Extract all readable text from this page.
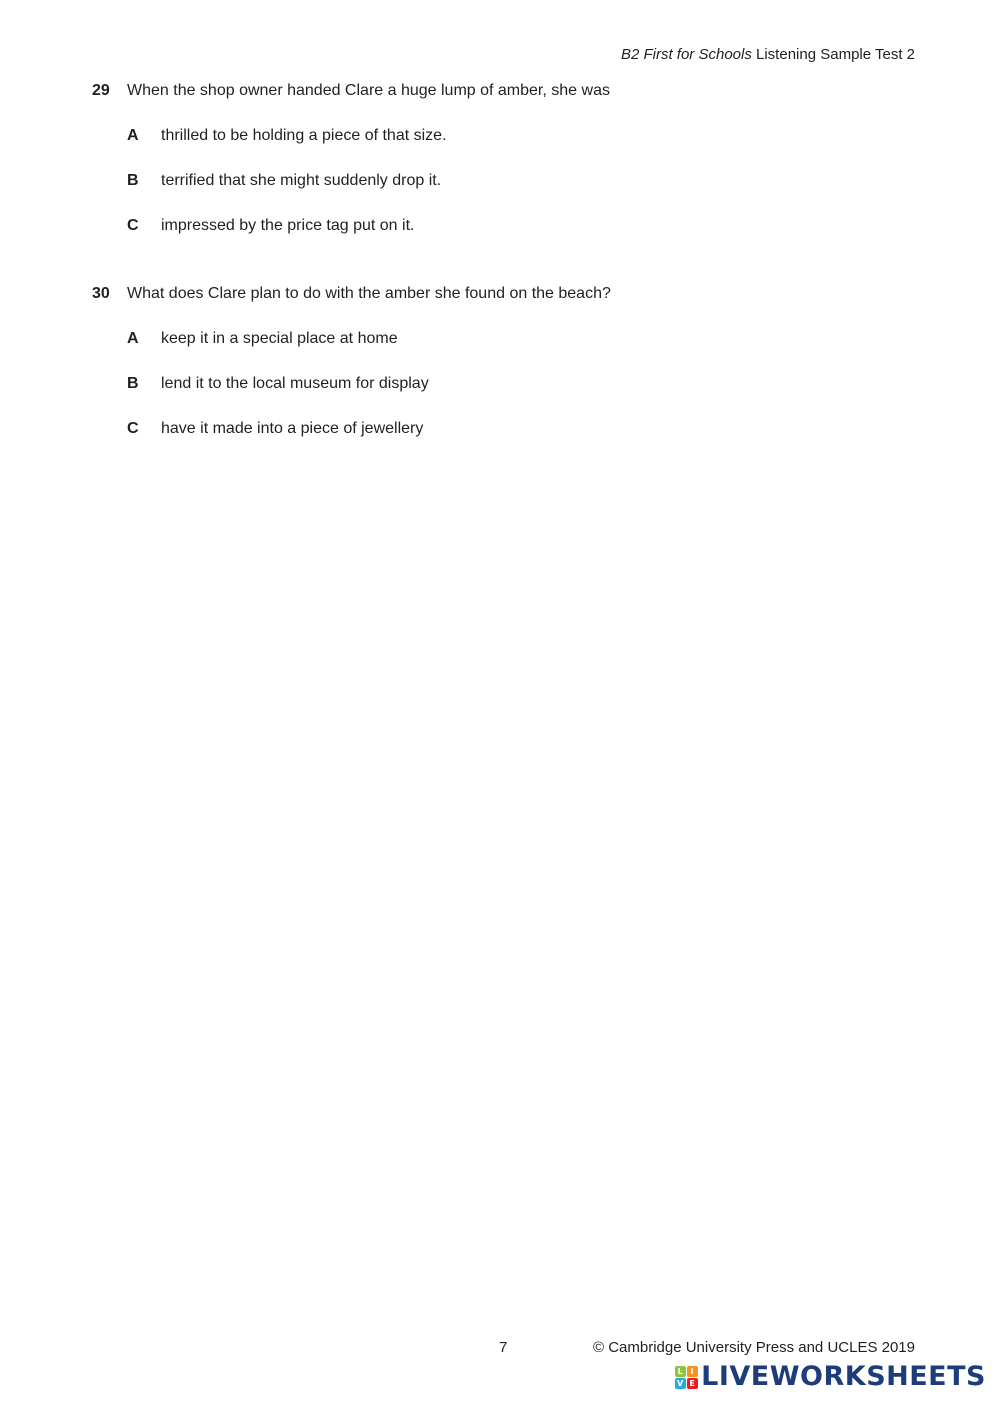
B2 First for Schools Listening Sample Test 2
29	When the shop owner handed Clare a huge lump of amber, she was
A	thrilled to be holding a piece of that size.
B	terrified that she might suddenly drop it.
C	impressed by the price tag put on it.
30	What does Clare plan to do with the amber she found on the beach?
A	keep it in a special place at home
B	lend it to the local museum for display
C	have it made into a piece of jewellery
7	© Cambridge University Press and UCLES 2019
L I
V E LIVEWORKSHEETS
